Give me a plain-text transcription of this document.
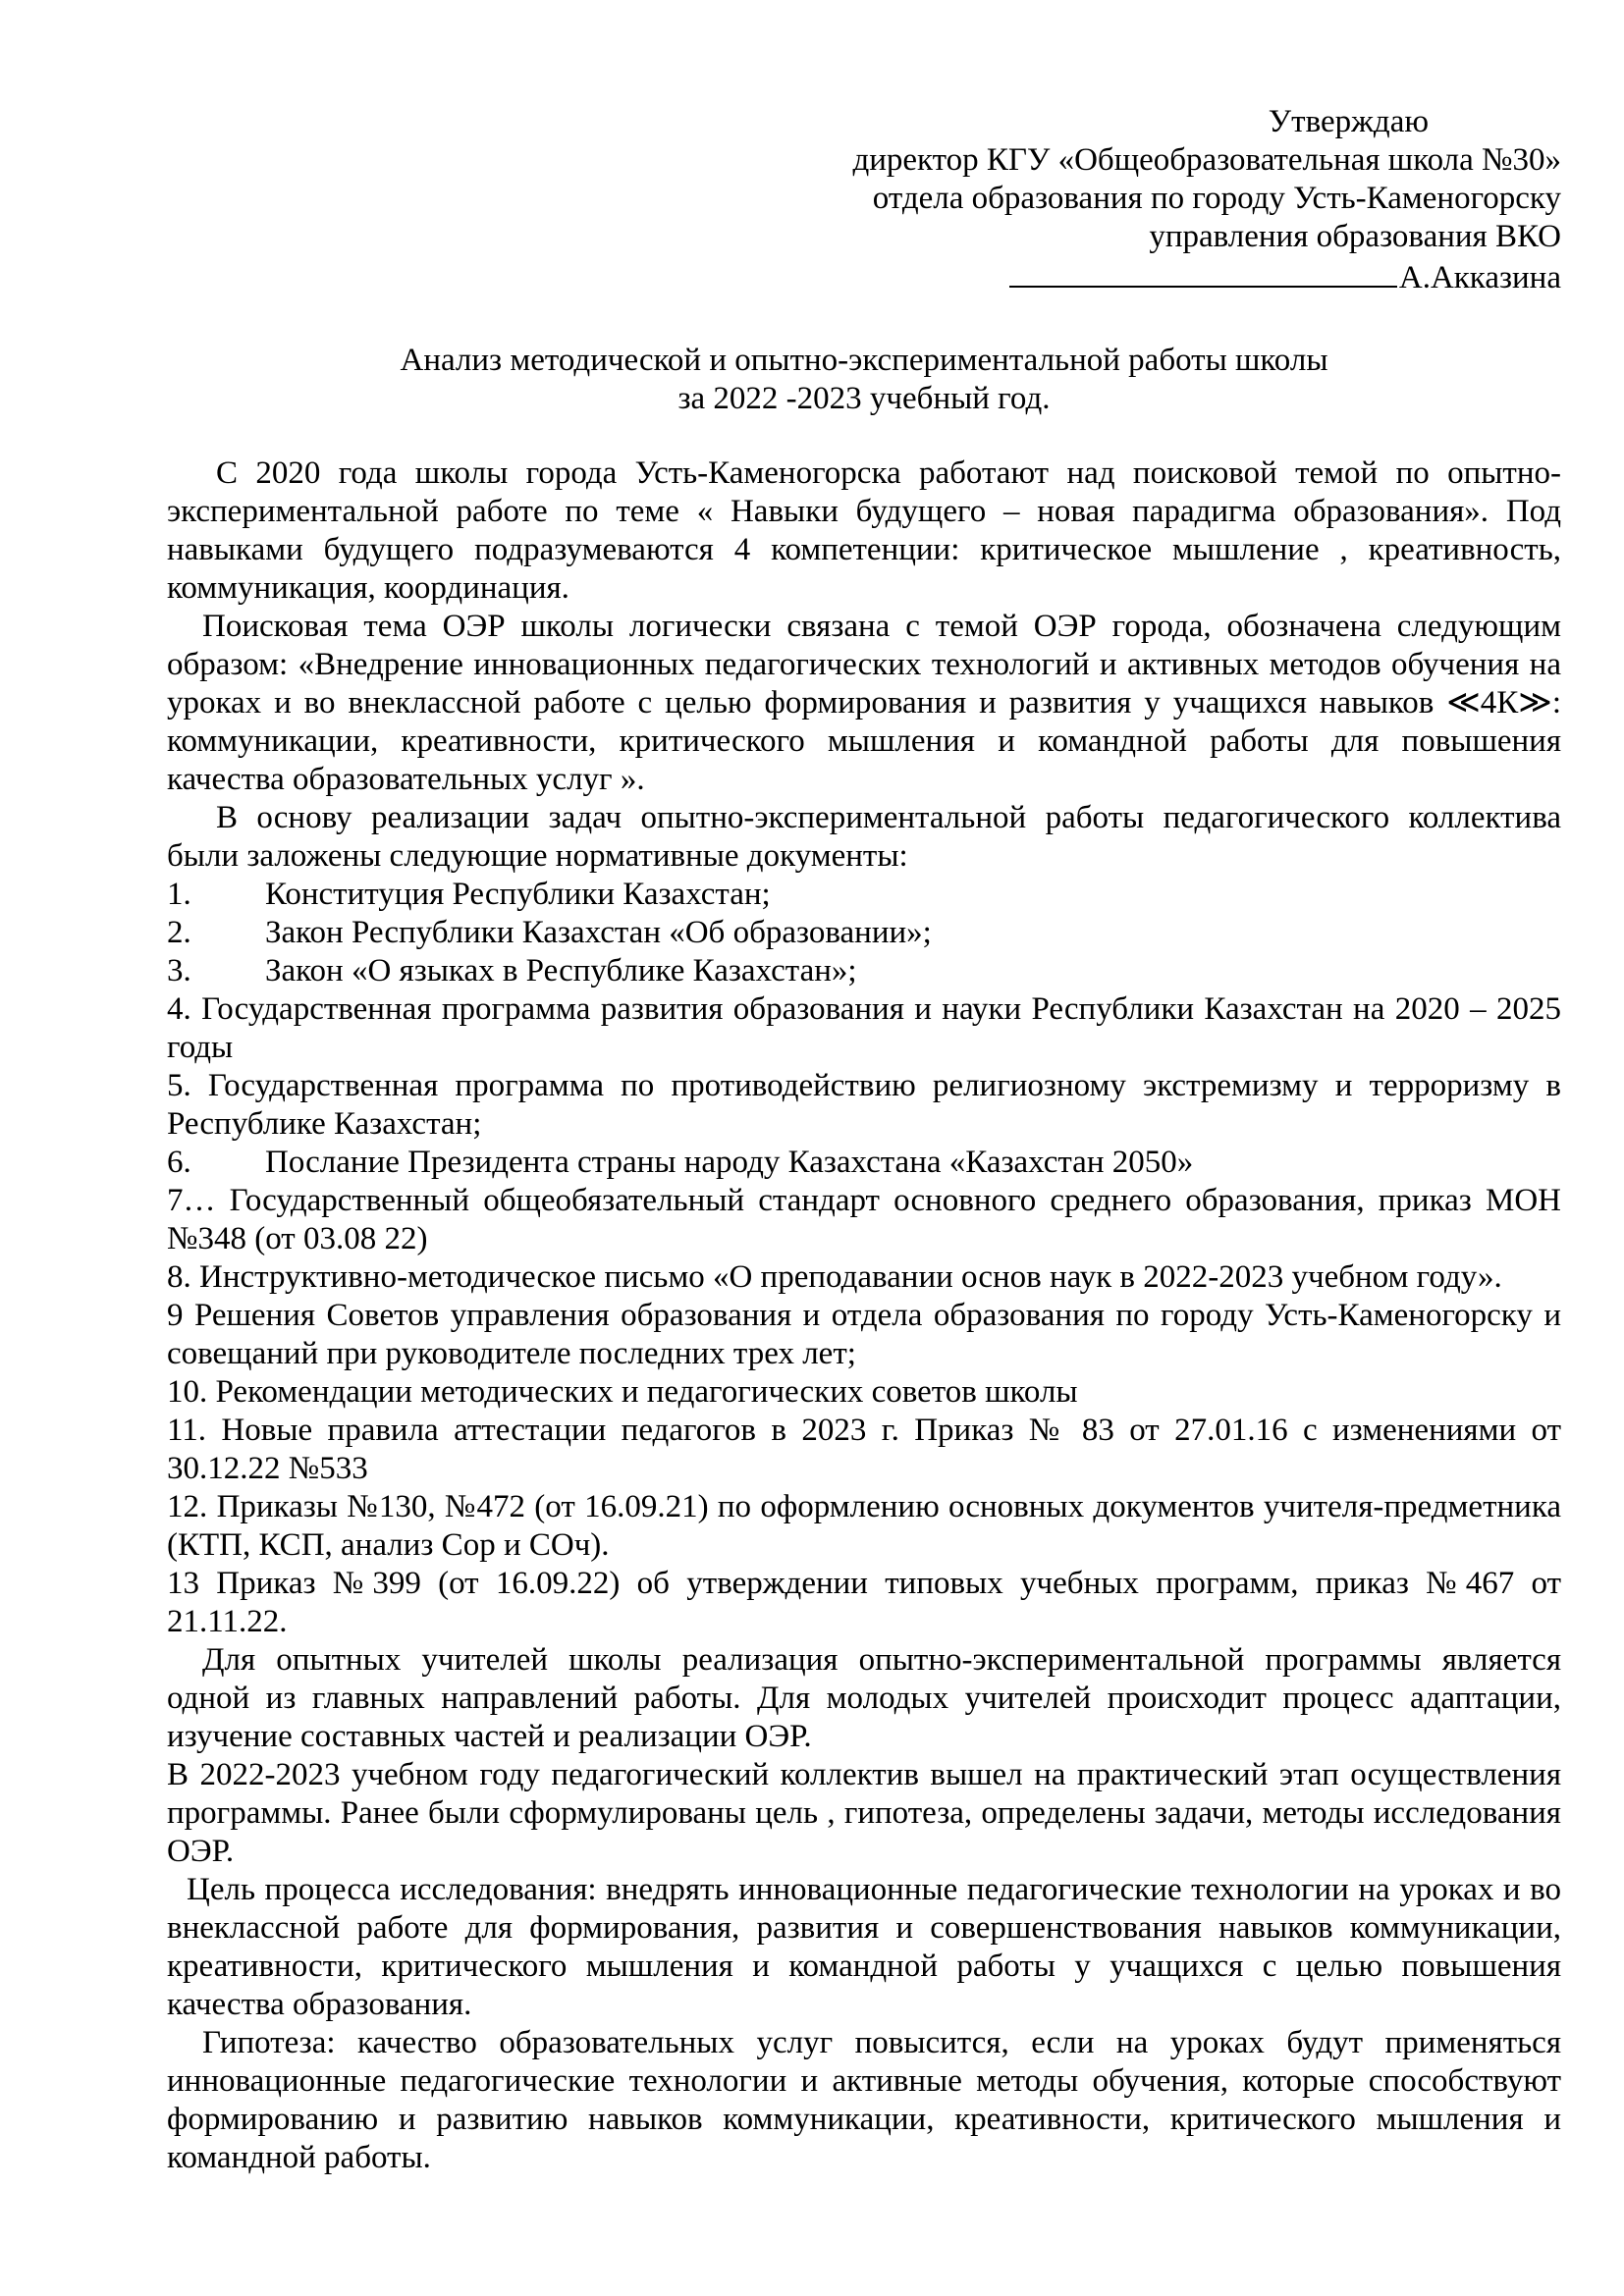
Утверждаю
директор КГУ «Общеобразовательная школа №30»
отдела образования по городу Усть-Каменогорску
управления образования ВКО
А.Акказина
Анализ методической и опытно-экспериментальной работы школы
за 2022 -2023 учебный год.
С 2020 года школы города Усть-Каменогорска работают над поисковой темой по опытно-экспериментальной работе по теме « Навыки будущего – новая парадигма образования». Под навыками будущего подразумеваются 4 компетенции: критическое мышление , креативность, коммуникация, координация.
Поисковая тема ОЭР школы логически связана с темой ОЭР города, обозначена следующим образом: «Внедрение инновационных педагогических технологий и активных методов обучения на уроках и во внеклассной работе с целью формирования и развития у учащихся навыков ≪4К≫: коммуникации, креативности, критического мышления и командной работы для повышения качества образовательных услуг ».
В основу реализации задач опытно-экспериментальной работы педагогического коллектива были заложены следующие нормативные документы:
1. Конституция Республики Казахстан;
2. Закон Республики Казахстан «Об образовании»;
3. Закон «О языках в Республике Казахстан»;
4. Государственная программа развития образования и науки Республики Казахстан на 2020 – 2025 годы
5. Государственная программа по противодействию религиозному экстремизму и терроризму в Республике Казахстан;
6. Послание Президента страны народу Казахстана «Казахстан 2050»
7… Государственный общеобязательный стандарт основного среднего образования, приказ МОН №348 (от 03.08 22)
8. Инструктивно-методическое письмо «О преподавании основ наук в 2022-2023 учебном году».
9 Решения Советов управления образования и отдела образования по городу Усть-Каменогорску и совещаний при руководителе последних трех лет;
10. Рекомендации методических и педагогических советов школы
11. Новые правила аттестации педагогов в 2023 г. Приказ № 83 от 27.01.16 с изменениями от 30.12.22 №533
12. Приказы №130, №472 (от 16.09.21) по оформлению основных документов учителя-предметника (КТП, КСП, анализ Сор и СОч).
13 Приказ №399 (от 16.09.22) об утверждении типовых учебных программ, приказ №467 от 21.11.22.
Для опытных учителей школы реализация опытно-экспериментальной программы является одной из главных направлений работы. Для молодых учителей происходит процесс адаптации, изучение составных частей и реализации ОЭР.
В 2022-2023 учебном году педагогический коллектив вышел на практический этап осуществления программы. Ранее были сформулированы цель , гипотеза, определены задачи, методы исследования ОЭР.
Цель процесса исследования: внедрять инновационные педагогические технологии на уроках и во внеклассной работе для формирования, развития и совершенствования навыков коммуникации, креативности, критического мышления и командной работы у учащихся с целью повышения качества образования.
Гипотеза: качество образовательных услуг повысится, если на уроках будут применяться инновационные педагогические технологии и активные методы обучения, которые способствуют формированию и развитию навыков коммуникации, креативности, критического мышления и командной работы.
